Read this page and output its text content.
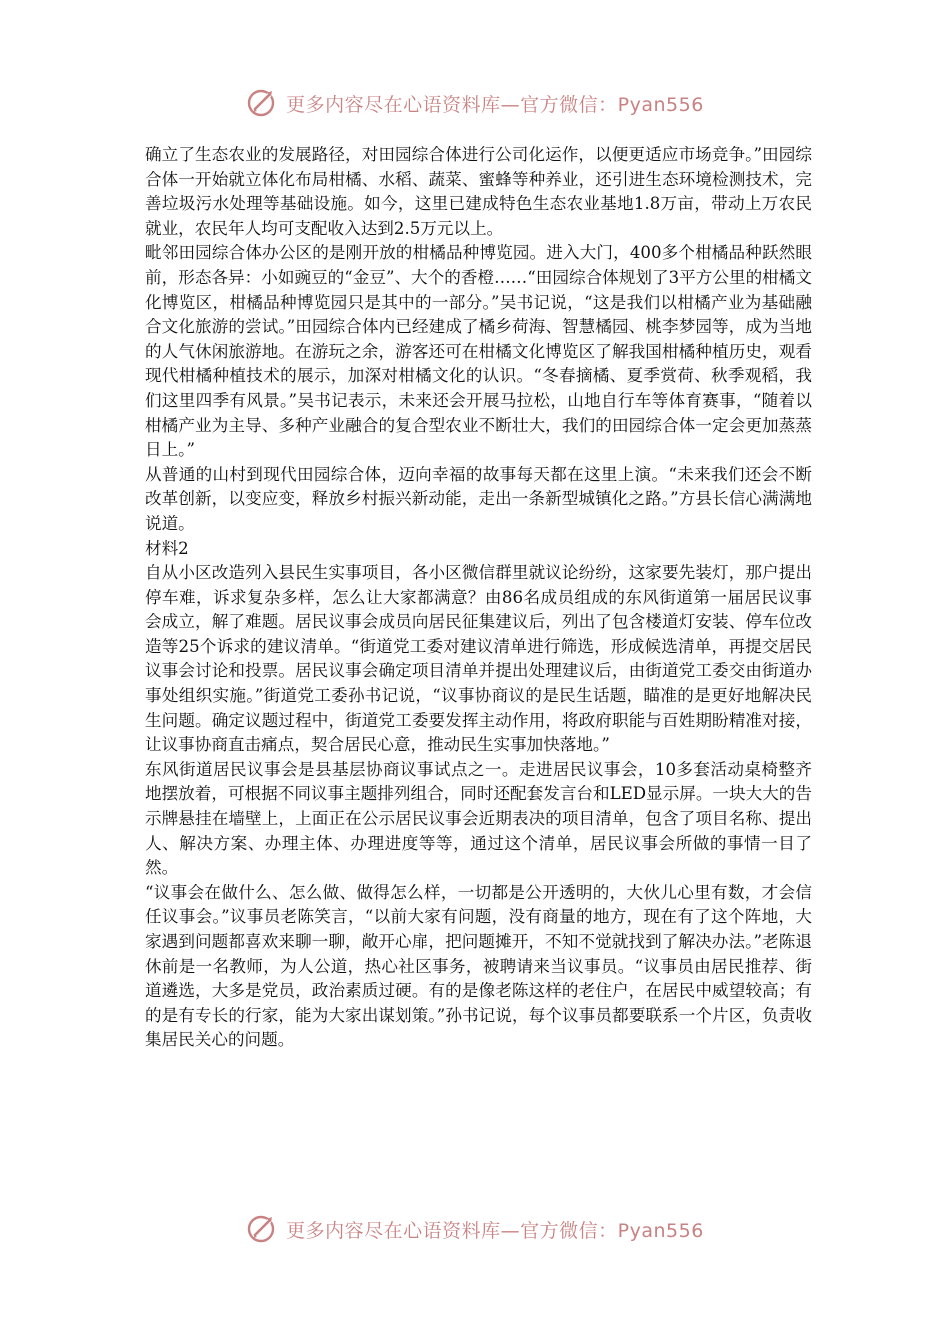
更多内容尽在心语资料库—官方微信：Pyan556

确立了生态农业的发展路径，对田园综合体进行公司化运作，以便更适应市场竞争。”田园综合体一开始就立体化布局柑橘、水稻、蔬菜、蜜蜂等种养业，还引进生态环境检测技术，完善垃圾污水处理等基础设施。如今，这里已建成特色生态农业基地1.8万亩，带动上万农民就业，农民年人均可支配收入达到2.5万元以上。

毗邻田园综合体办公区的是刚开放的柑橘品种博览园。进入大门，400多个柑橘品种跃然眼前，形态各异：小如豌豆的“金豆”、大个的香橙……“田园综合体规划了3平方公里的柑橘文化博览区，柑橘品种博览园只是其中的一部分。”吴书记说，“这是我们以柑橘产业为基础融合文化旅游的尝试。”田园综合体内已经建成了橘乡荷海、智慧橘园、桃李梦园等，成为当地的人气休闲旅游地。在游玩之余，游客还可在柑橘文化博览区了解我国柑橘种植历史，观看现代柑橘种植技术的展示，加深对柑橘文化的认识。“冬春摘橘、夏季赏荷、秋季观稻，我们这里四季有风景。”吴书记表示，未来还会开展马拉松，山地自行车等体育赛事，“随着以柑橘产业为主导、多种产业融合的复合型农业不断壮大，我们的田园综合体一定会更加蒸蒸日上。”

从普通的山村到现代田园综合体，迈向幸福的故事每天都在这里上演。“未来我们还会不断改革创新，以变应变，释放乡村振兴新动能，走出一条新型城镇化之路。”方县长信心满满地说道。

材料2

自从小区改造列入县民生实事项目，各小区微信群里就议论纷纷，这家要先装灯，那户提出停车难，诉求复杂多样，怎么让大家都满意？由86名成员组成的东风街道第一届居民议事会成立，解了难题。居民议事会成员向居民征集建议后，列出了包含楼道灯安装、停车位改造等25个诉求的建议清单。“街道党工委对建议清单进行筛选，形成候选清单，再提交居民议事会讨论和投票。居民议事会确定项目清单并提出处理建议后，由街道党工委交由街道办事处组织实施。”街道党工委孙书记说，“议事协商议的是民生话题，瞄准的是更好地解决民生问题。确定议题过程中，街道党工委要发挥主动作用，将政府职能与百姓期盼精准对接，让议事协商直击痛点，契合居民心意，推动民生实事加快落地。”

东风街道居民议事会是县基层协商议事试点之一。走进居民议事会，10多套活动桌椅整齐地摆放着，可根据不同议事主题排列组合，同时还配套发言台和LED显示屏。一块大大的告示牌悬挂在墙壁上，上面正在公示居民议事会近期表决的项目清单，包含了项目名称、提出人、解决方案、办理主体、办理进度等等，通过这个清单，居民议事会所做的事情一目了然。

“议事会在做什么、怎么做、做得怎么样，一切都是公开透明的，大伙儿心里有数，才会信任议事会。”议事员老陈笑言，“以前大家有问题，没有商量的地方，现在有了这个阵地，大家遇到问题都喜欢来聊一聊，敞开心扉，把问题摊开，不知不觉就找到了解决办法。”老陈退休前是一名教师，为人公道，热心社区事务，被聘请来当议事员。“议事员由居民推荐、街道遴选，大多是党员，政治素质过硬。有的是像老陈这样的老住户，在居民中威望较高；有的是有专长的行家，能为大家出谋划策。”孙书记说，每个议事员都要联系一个片区，负责收集居民关心的问题。

更多内容尽在心语资料库—官方微信：Pyan556
